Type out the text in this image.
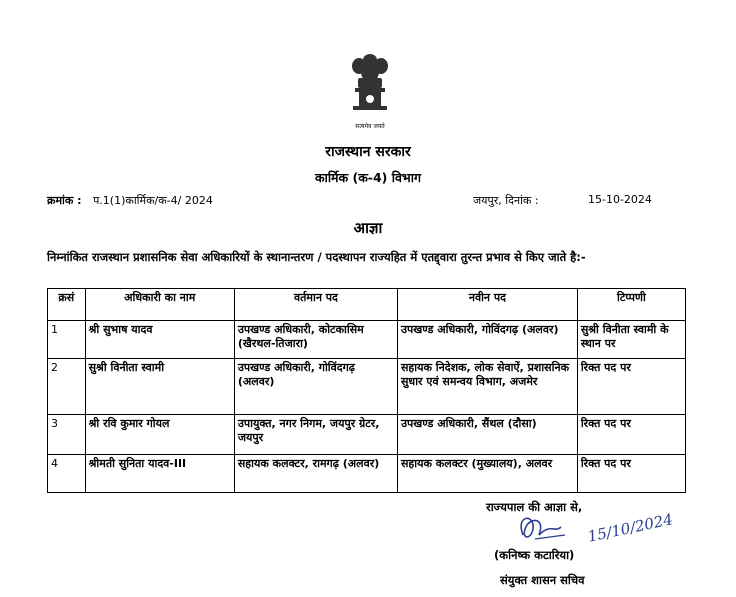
सत्यमेव जयते
राजस्थान सरकार
कार्मिक (क-4) विभाग
क्रमांक : प.1(1)कार्मिक/क-4/ 2024	जयपुर, दिनांक :	15-10-2024
आज्ञा
निम्नांकित राजस्थान प्रशासनिक सेवा अधिकारियों के स्थानान्तरण / पदस्थापन राज्यहित में एतद्द्वारा तुरन्त प्रभाव से किए जाते है:-
क्रसं	अधिकारी का नाम	वर्तमान पद	नवीन पद	टिप्पणी
1	श्री सुभाष यादव	उपखण्ड अधिकारी, कोटकासिम (खैरथल-तिजारा)	उपखण्ड अधिकारी, गोविंदगढ़ (अलवर)	सुश्री विनीता स्वामी के स्थान पर
2	सुश्री विनीता स्वामी	उपखण्ड अधिकारी, गोविंदगढ़ (अलवर)	सहायक निदेशक, लोक सेवाऐं, प्रशासनिक सुधार एवं समन्वय विभाग, अजमेर	रिक्त पद पर
3	श्री रवि कुमार गोयल	उपायुक्त, नगर निगम, जयपुर ग्रेटर, जयपुर	उपखण्ड अधिकारी, सैंथल (दौसा)	रिक्त पद पर
4	श्रीमती सुनिता यादव-III	सहायक कलक्टर, रामगढ़ (अलवर)	सहायक कलक्टर (मुख्यालय), अलवर	रिक्त पद पर
राज्यपाल की आज्ञा से,
15/10/2024
(कनिष्क कटारिया)
संयुक्त शासन सचिव
